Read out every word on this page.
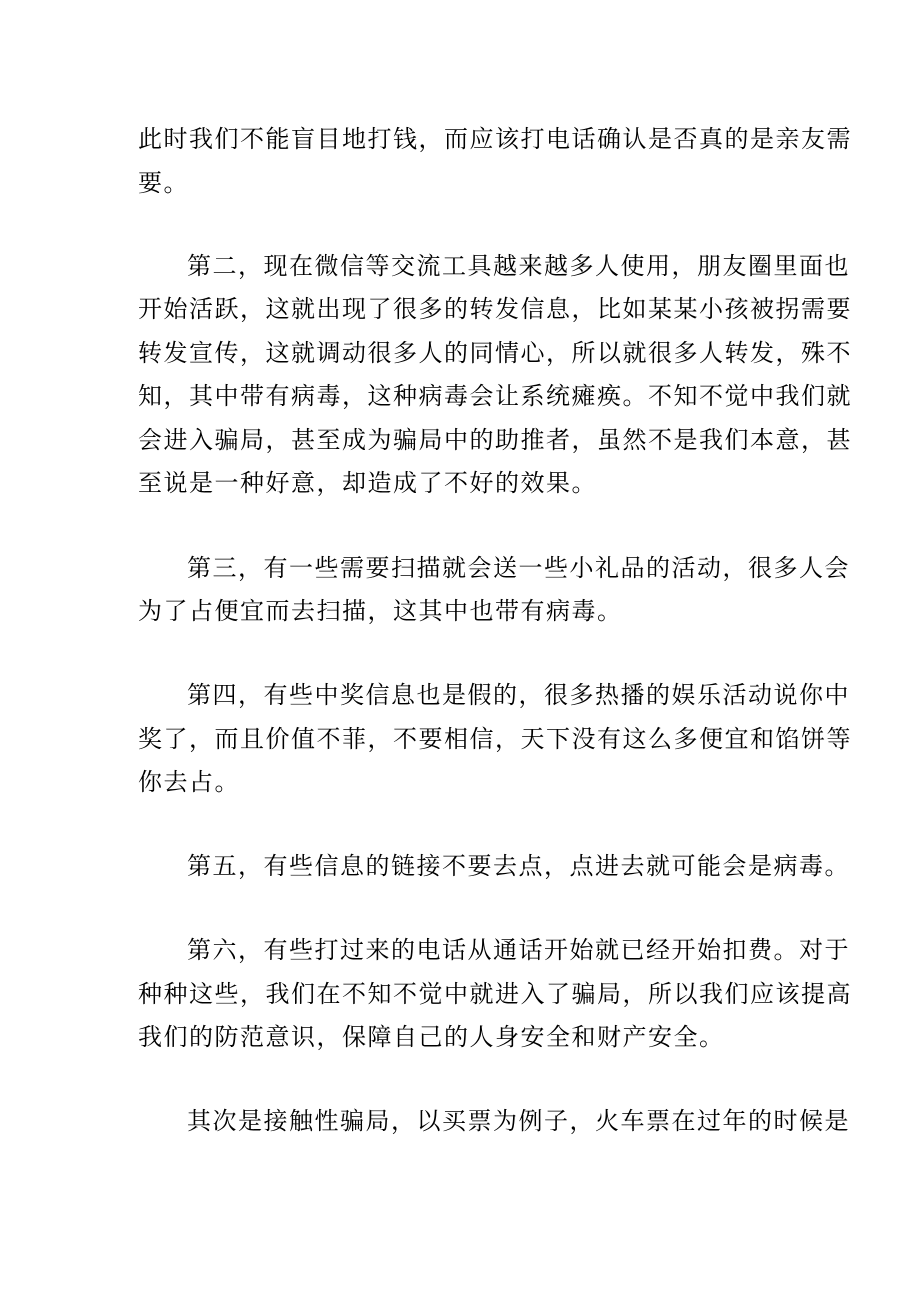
此时我们不能盲目地打钱，而应该打电话确认是否真的是亲友需

要。

第二，现在微信等交流工具越来越多人使用，朋友圈里面也

开始活跃，这就出现了很多的转发信息，比如某某小孩被拐需要

转发宣传，这就调动很多人的同情心，所以就很多人转发，殊不

知，其中带有病毒，这种病毒会让系统瘫痪。不知不觉中我们就

会进入骗局，甚至成为骗局中的助推者，虽然不是我们本意，甚

至说是一种好意，却造成了不好的效果。

第三，有一些需要扫描就会送一些小礼品的活动，很多人会

为了占便宜而去扫描，这其中也带有病毒。

第四，有些中奖信息也是假的，很多热播的娱乐活动说你中

奖了，而且价值不菲，不要相信，天下没有这么多便宜和馅饼等

你去占。

第五，有些信息的链接不要去点，点进去就可能会是病毒。

第六，有些打过来的电话从通话开始就已经开始扣费。对于

种种这些，我们在不知不觉中就进入了骗局，所以我们应该提高

我们的防范意识，保障自己的人身安全和财产安全。

其次是接触性骗局，以买票为例子，火车票在过年的时候是
